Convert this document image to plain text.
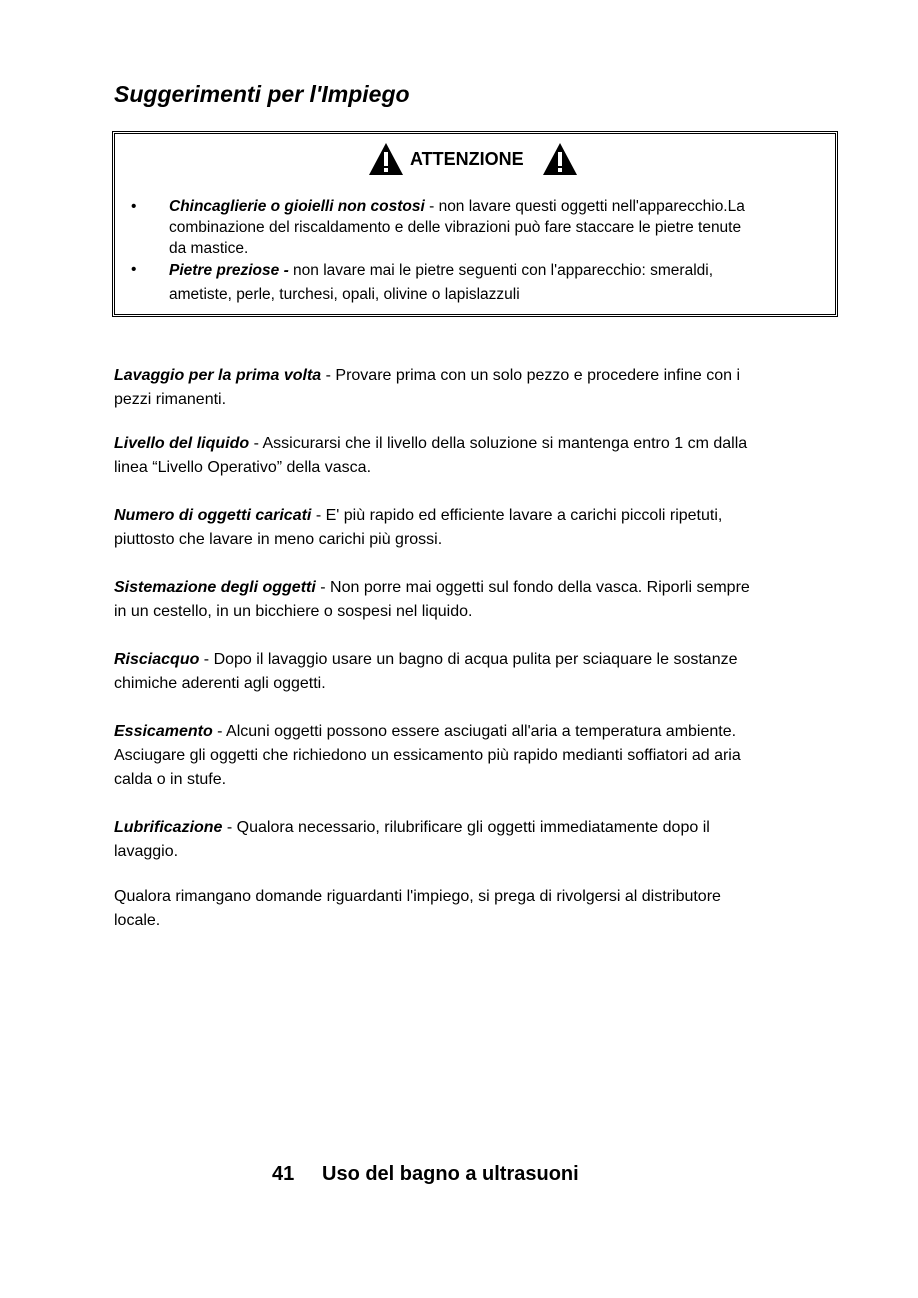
Suggerimenti per l'Impiego
ATTENZIONE
• Chincaglierie o gioielli non costosi - non lavare questi oggetti nell'apparecchio.La
combinazione del riscaldamento e delle vibrazioni può fare staccare le pietre tenute
da mastice.
• Pietre preziose - non lavare mai le pietre seguenti con l'apparecchio: smeraldi,
ametiste, perle, turchesi, opali, olivine o lapislazzuli

Lavaggio per la prima volta - Provare prima con un solo pezzo e procedere infine con i
pezzi rimanenti.

Livello del liquido - Assicurarsi che il livello della soluzione si mantenga entro 1 cm dalla
linea “Livello Operativo” della vasca.

Numero di oggetti caricati - E' più rapido ed efficiente lavare a carichi piccoli ripetuti,
piuttosto che lavare in meno carichi più grossi.

Sistemazione degli oggetti - Non porre mai oggetti sul fondo della vasca. Riporli sempre
in un cestello, in un bicchiere o sospesi nel liquido.

Risciacquo - Dopo il lavaggio usare un bagno di acqua pulita per sciaquare le sostanze
chimiche aderenti agli oggetti.

Essicamento - Alcuni oggetti possono essere asciugati all'aria a temperatura ambiente.
Asciugare gli oggetti che richiedono un essicamento più rapido medianti soffiatori ad aria
calda o in stufe.

Lubrificazione - Qualora necessario, rilubrificare gli oggetti immediatamente dopo il
lavaggio.

Qualora rimangano domande riguardanti l'impiego, si prega di rivolgersi al distributore
locale.

41 Uso del bagno a ultrasuoni
